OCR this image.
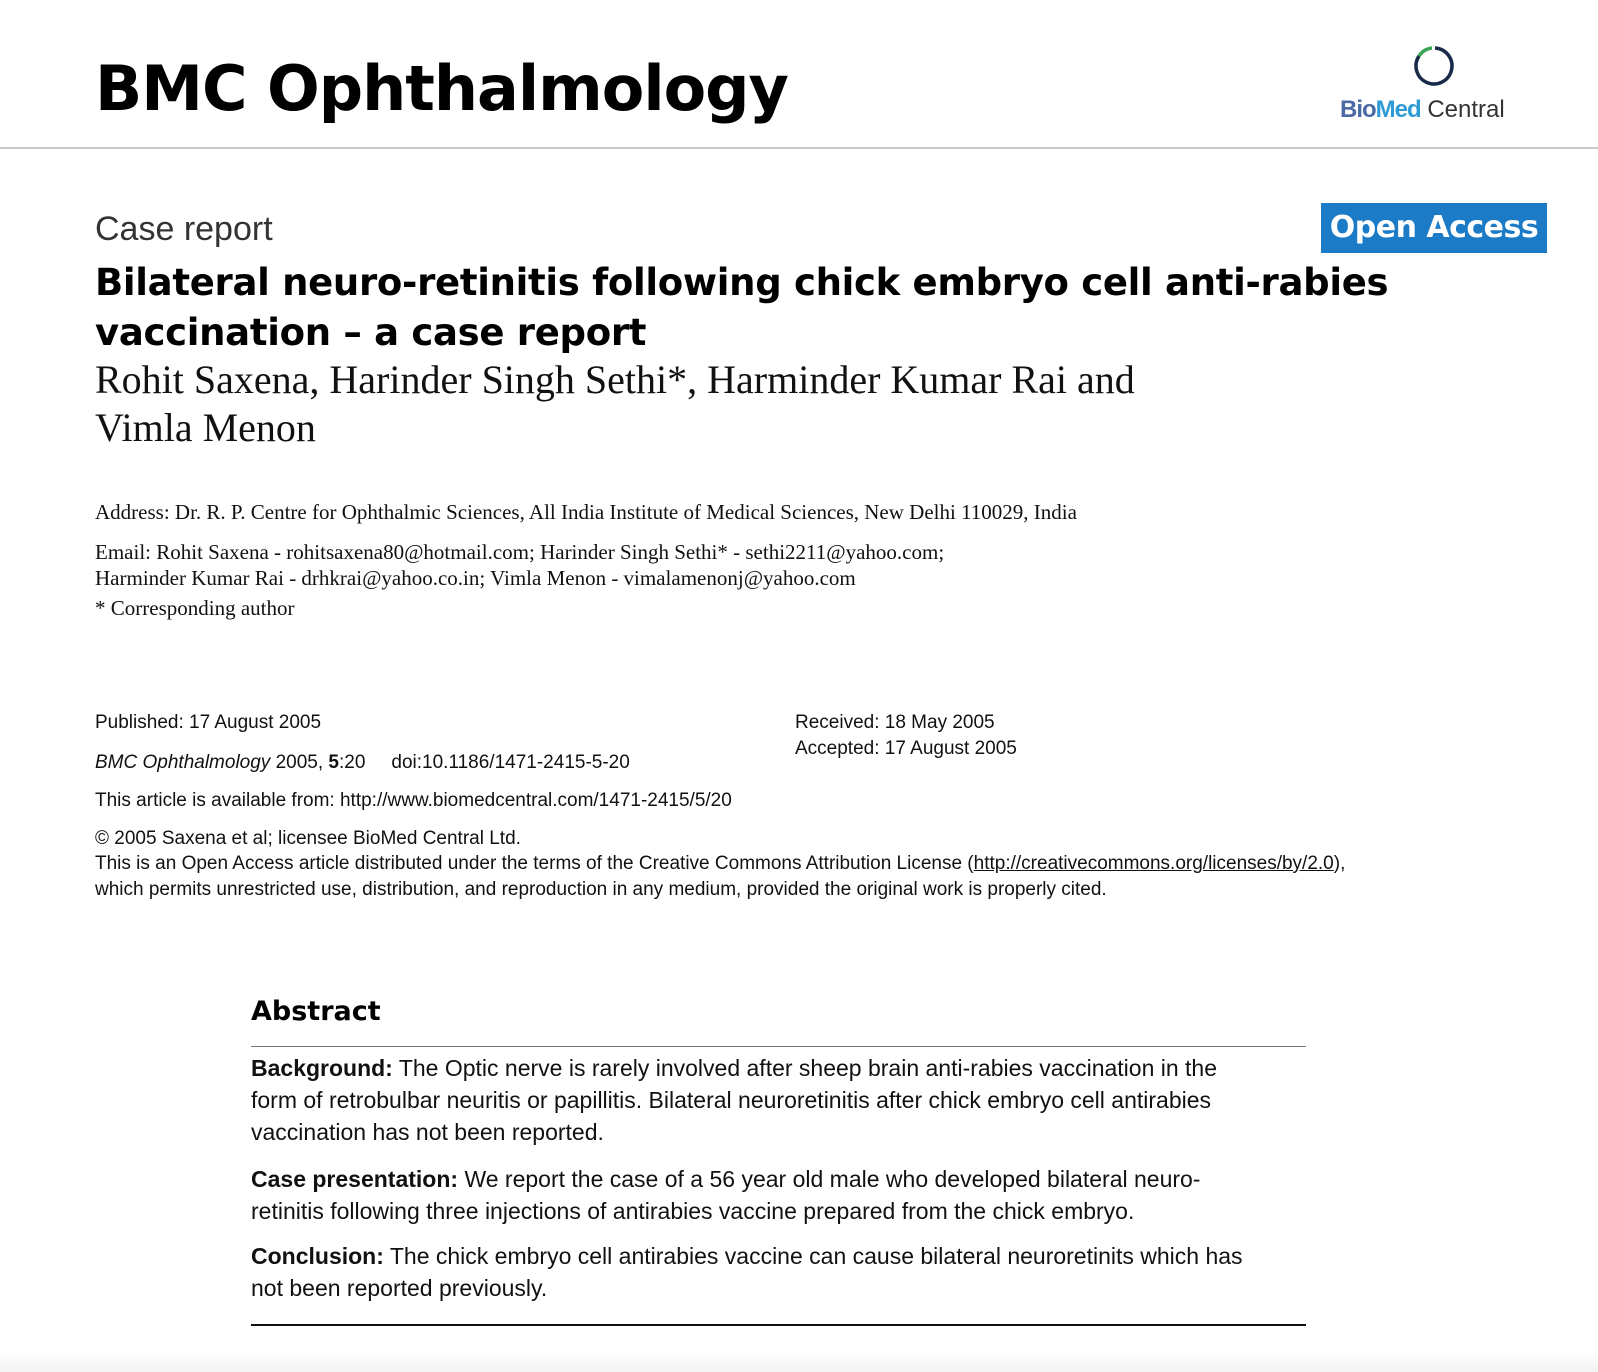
BMC Ophthalmology	BioMed Central
Case report	Open Access
Bilateral neuro-retinitis following chick embryo cell anti-rabies
vaccination – a case report
Rohit Saxena, Harinder Singh Sethi*, Harminder Kumar Rai and
Vimla Menon
Address: Dr. R. P. Centre for Ophthalmic Sciences, All India Institute of Medical Sciences, New Delhi 110029, India
Email: Rohit Saxena - rohitsaxena80@hotmail.com; Harinder Singh Sethi* - sethi2211@yahoo.com;
Harminder Kumar Rai - drhkrai@yahoo.co.in; Vimla Menon - vimalamenonj@yahoo.com
* Corresponding author
Published: 17 August 2005	Received: 18 May 2005
Accepted: 17 August 2005
BMC Ophthalmology 2005, 5:20 doi:10.1186/1471-2415-5-20
This article is available from: http://www.biomedcentral.com/1471-2415/5/20
© 2005 Saxena et al; licensee BioMed Central Ltd.
This is an Open Access article distributed under the terms of the Creative Commons Attribution License (http://creativecommons.org/licenses/by/2.0),
which permits unrestricted use, distribution, and reproduction in any medium, provided the original work is properly cited.
Abstract
Background: The Optic nerve is rarely involved after sheep brain anti-rabies vaccination in the
form of retrobulbar neuritis or papillitis. Bilateral neuroretinitis after chick embryo cell antirabies
vaccination has not been reported.
Case presentation: We report the case of a 56 year old male who developed bilateral neuro-
retinitis following three injections of antirabies vaccine prepared from the chick embryo.
Conclusion: The chick embryo cell antirabies vaccine can cause bilateral neuroretinits which has
not been reported previously.
